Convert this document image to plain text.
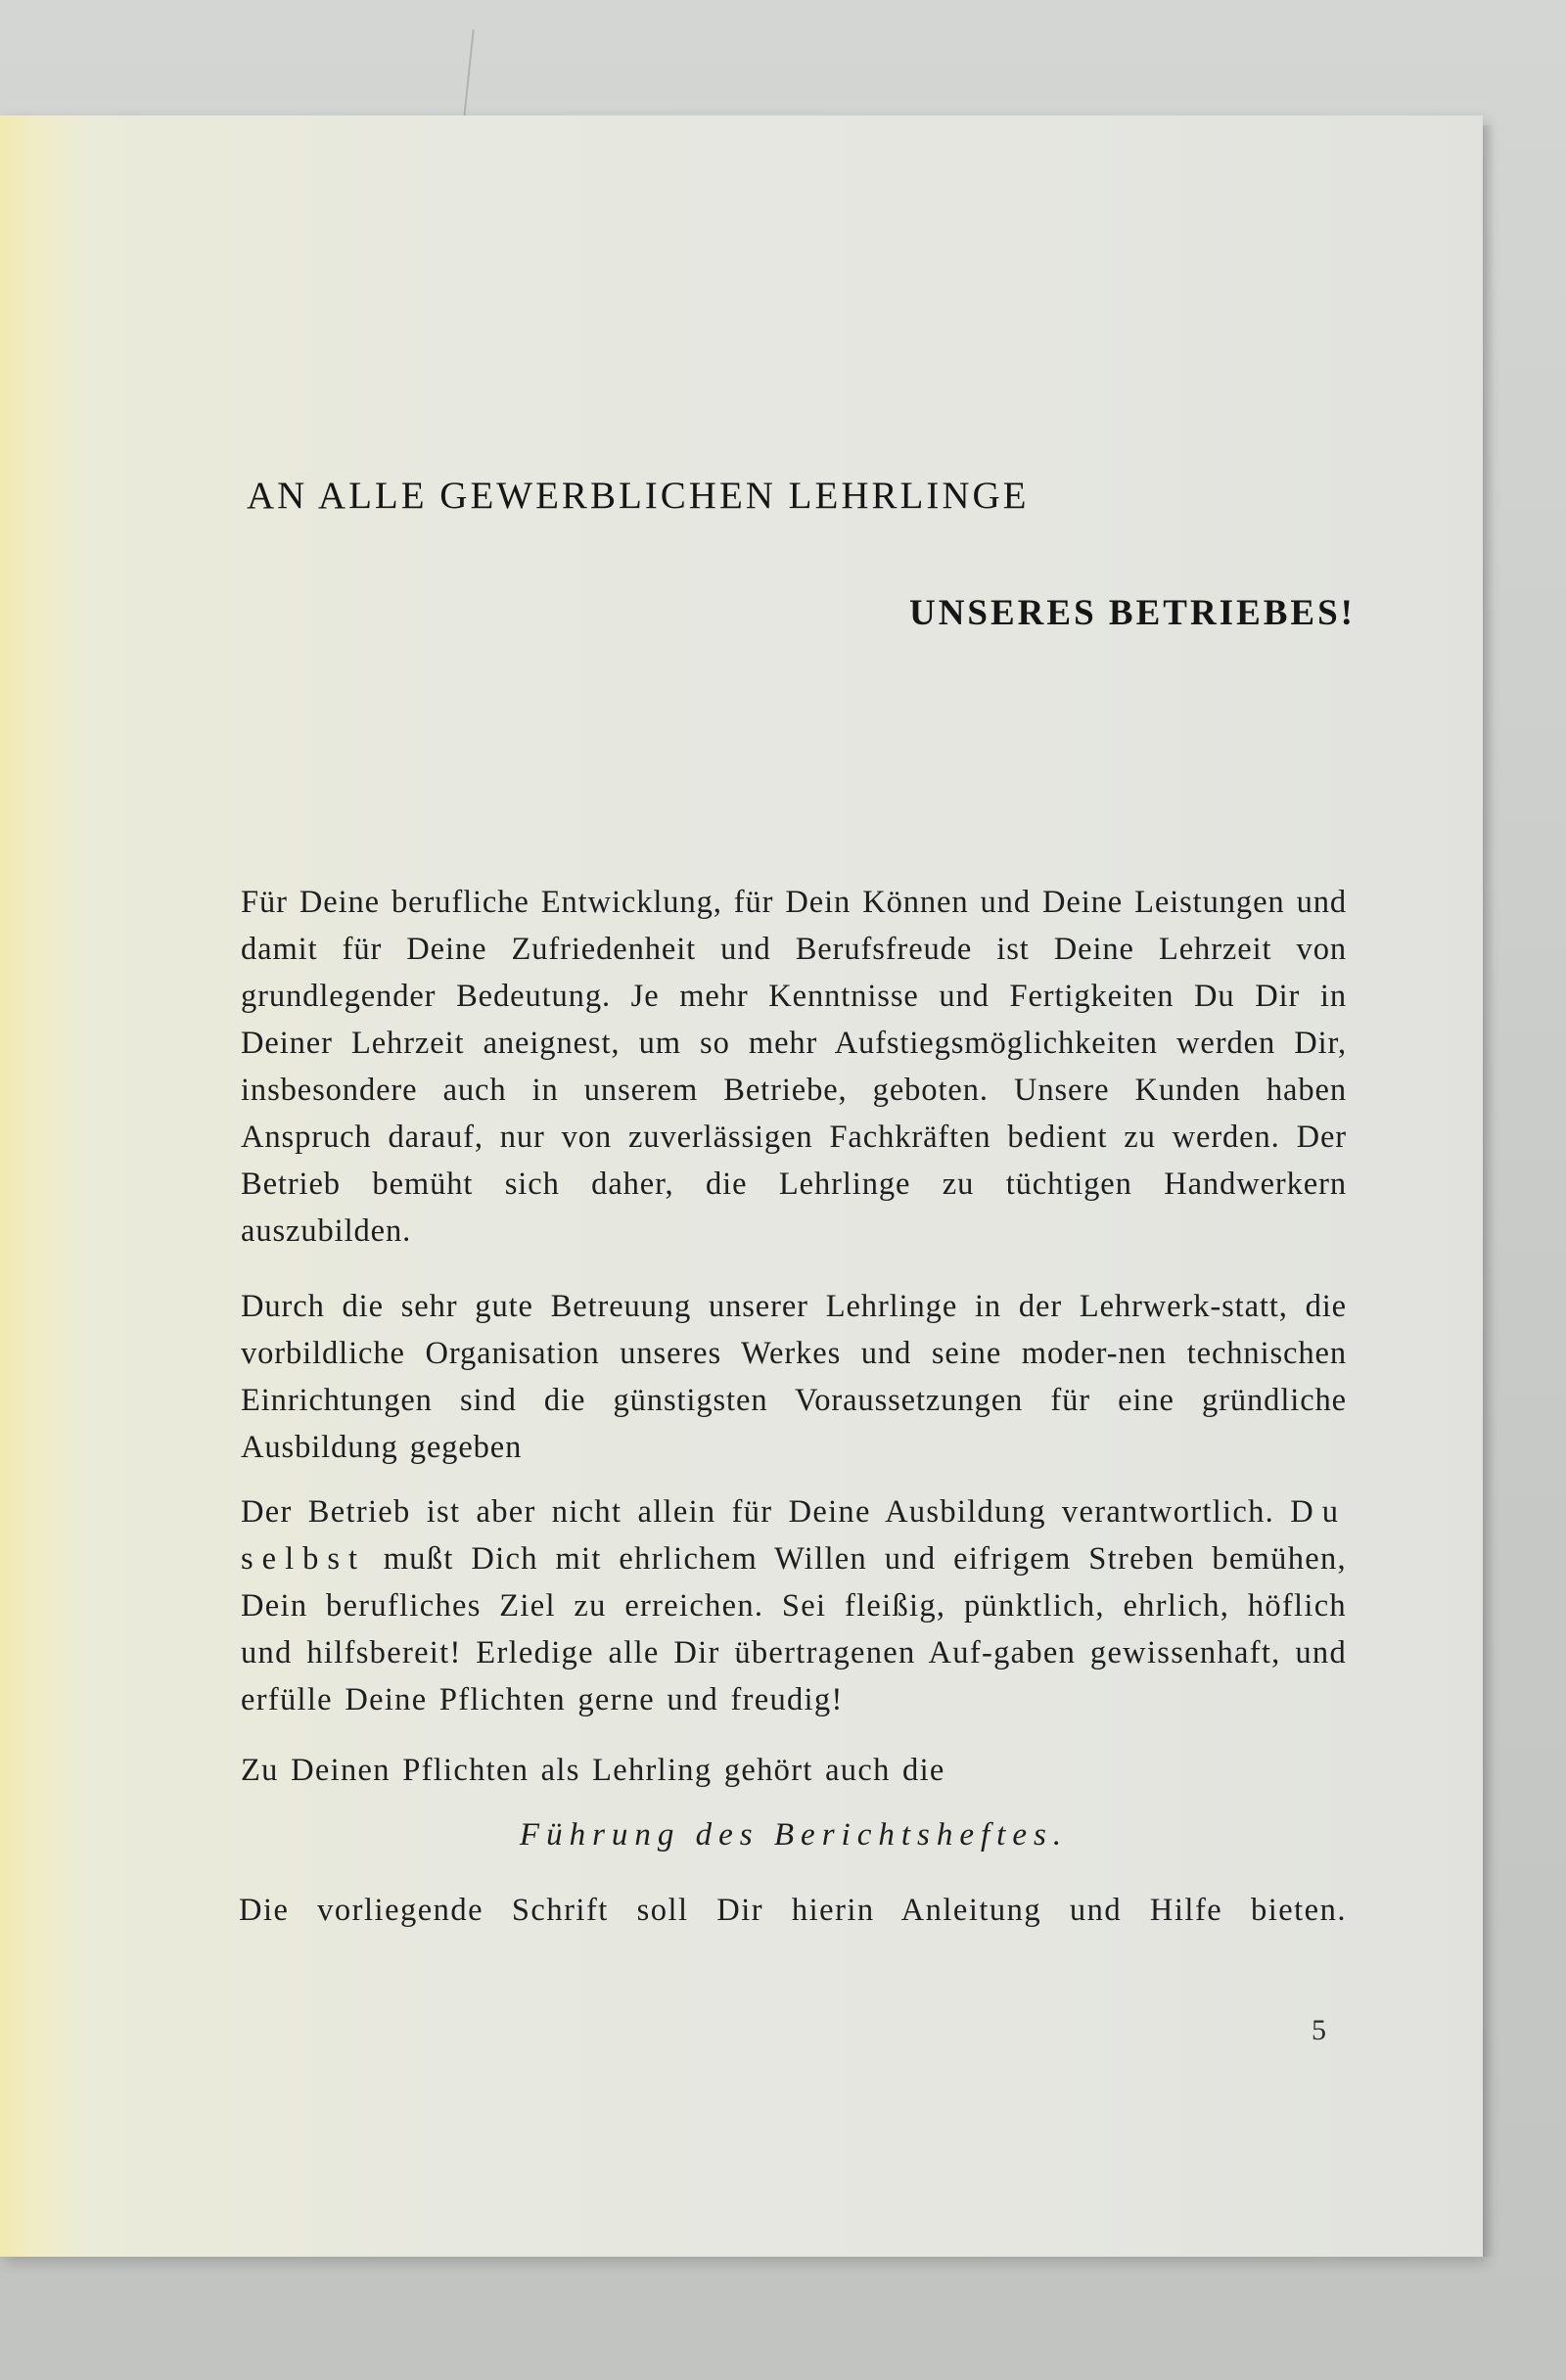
AN ALLE GEWERBLICHEN LEHRLINGE
UNSERES BETRIEBES!

Für Deine berufliche Entwicklung, für Dein Können und Deine Leistungen und damit für Deine Zufriedenheit und Berufsfreude ist Deine Lehrzeit von grundlegender Bedeutung. Je mehr Kenntnisse und Fertigkeiten Du Dir in Deiner Lehrzeit aneignest, um so mehr Aufstiegsmöglichkeiten werden Dir, insbesondere auch in unserem Betriebe, geboten. Unsere Kunden haben Anspruch darauf, nur von zuverlässigen Fachkräften bedient zu werden. Der Betrieb bemüht sich daher, die Lehrlinge zu tüchtigen Handwerkern auszubilden.

Durch die sehr gute Betreuung unserer Lehrlinge in der Lehrwerk-statt, die vorbildliche Organisation unseres Werkes und seine moder-nen technischen Einrichtungen sind die günstigsten Voraussetzungen für eine gründliche Ausbildung gegeben

Der Betrieb ist aber nicht allein für Deine Ausbildung verantwortlich. Du selbst mußt Dich mit ehrlichem Willen und eifrigem Streben bemühen, Dein berufliches Ziel zu erreichen. Sei fleißig, pünktlich, ehrlich, höflich und hilfsbereit! Erledige alle Dir übertragenen Auf-gaben gewissenhaft, und erfülle Deine Pflichten gerne und freudig!

Zu Deinen Pflichten als Lehrling gehört auch die

Führung des Berichtsheftes.
Die vorliegende Schrift soll Dir hierin Anleitung und Hilfe bieten.
5
